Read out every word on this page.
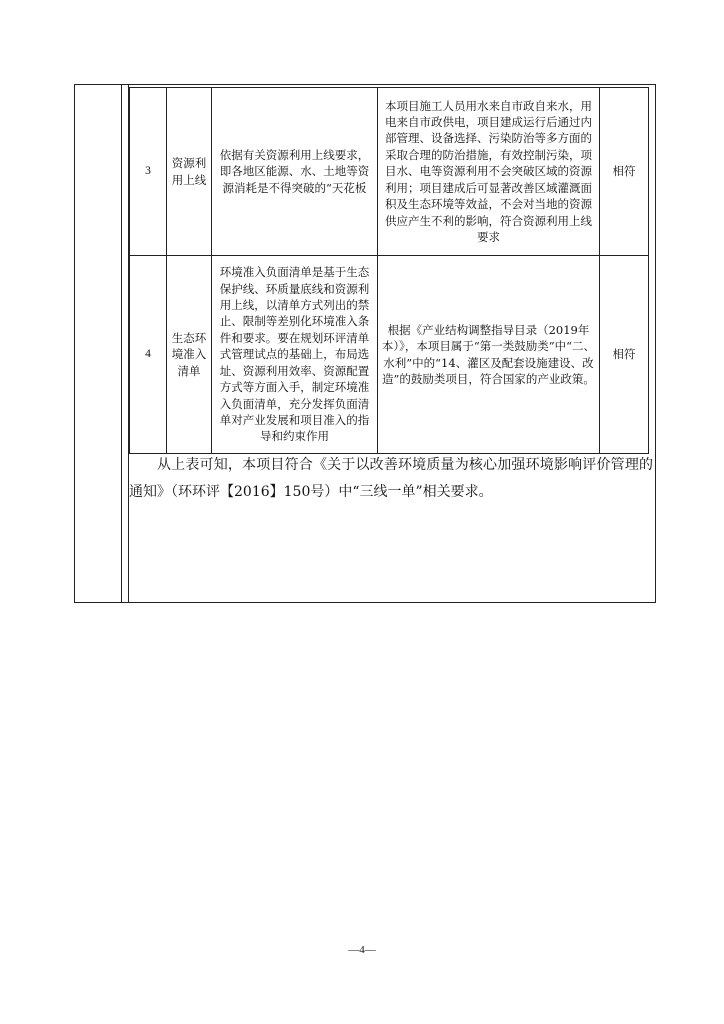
3	资源利用上线	依据有关资源利用上线要求，即各地区能源、水、土地等资源消耗是不得突破的“天花板	本项目施工人员用水来自市政自来水，用电来自市政供电，项目建成运行后通过内部管理、设备选择、污染防治等多方面的采取合理的防治措施，有效控制污染，项目水、电等资源利用不会突破区域的资源利用；项目建成后可显著改善区域灌溉面积及生态环境等效益，不会对当地的资源供应产生不利的影响，符合资源利用上线要求	相符
4	生态环境准入清单	环境准入负面清单是基于生态保护线、环质量底线和资源利用上线，以清单方式列出的禁止、限制等差别化环境准入条件和要求。要在规划环评清单式管理试点的基础上，布局选址、资源利用效率、资源配置方式等方面入手，制定环境准入负面清单，充分发挥负面清单对产业发展和项目准入的指导和约束作用	根据《产业结构调整指导目录（2019年本）》，本项目属于“第一类鼓励类”中“二、水利”中的“14、灌区及配套设施建设、改造”的鼓励类项目，符合国家的产业政策。	相符

从上表可知，本项目符合《关于以改善环境质量为核心加强环境影响评价管理的通知》（环环评【2016】150号）中“三线一单”相关要求。

—4—
